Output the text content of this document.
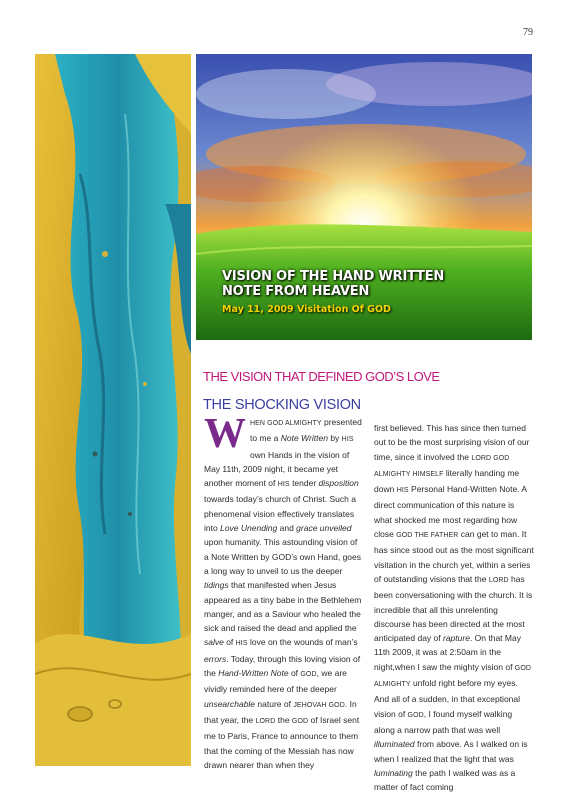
79
VISION OF THE HAND WRITTEN
NOTE FROM HEAVEN
May 11, 2009 Visitation Of GOD
THE VISION THAT DEFINED GOD’S LOVE
THE SHOCKING VISION

WHEN GOD ALMIGHTY presented to me a Note Written by HIS own Hands in the vision of May 11th, 2009 night, it became yet another moment of HIS tender disposition towards today’s church of Christ. Such a phenomenal vision effectively translates into Love Unending and grace unveiled upon humanity. This astounding vision of a Note Written by GOD’s own Hand, goes a long way to unveil to us the deeper tidings that manifested when Jesus appeared as a tiny babe in the Bethlehem manger, and as a Saviour who healed the sick and raised the dead and applied the salve of HIS love on the wounds of man’s errors. Today, through this loving vision of the Hand-Written Note of GOD, we are vividly reminded here of the deeper unsearchable nature of JEHOVAH GOD. In that year, the LORD the GOD of Israel sent me to Paris, France to announce to them that the coming of the Messiah has now drawn nearer than when they

first believed. This has since then turned out to be the most surprising vision of our time, since it involved the LORD GOD ALMIGHTY HIMSELF literally handing me down HIS Personal Hand-Written Note. A direct communication of this nature is what shocked me most regarding how close GOD THE FATHER can get to man. It has since stood out as the most significant visitation in the church yet, within a series of outstanding visions that the LORD has been conversationing with the church. It is incredible that all this unrelenting discourse has been directed at the most anticipated day of rapture. On that May 11th 2009, it was at 2:50am in the night,when I saw the mighty vision of GOD ALMIGHTY unfold right before my eyes. And all of a sudden, in that exceptional vision of GOD, I found myself walking along a narrow path that was well illuminated from above. As I walked on is when I realized that the light that was luminating the path I walked was as a matter of fact coming
